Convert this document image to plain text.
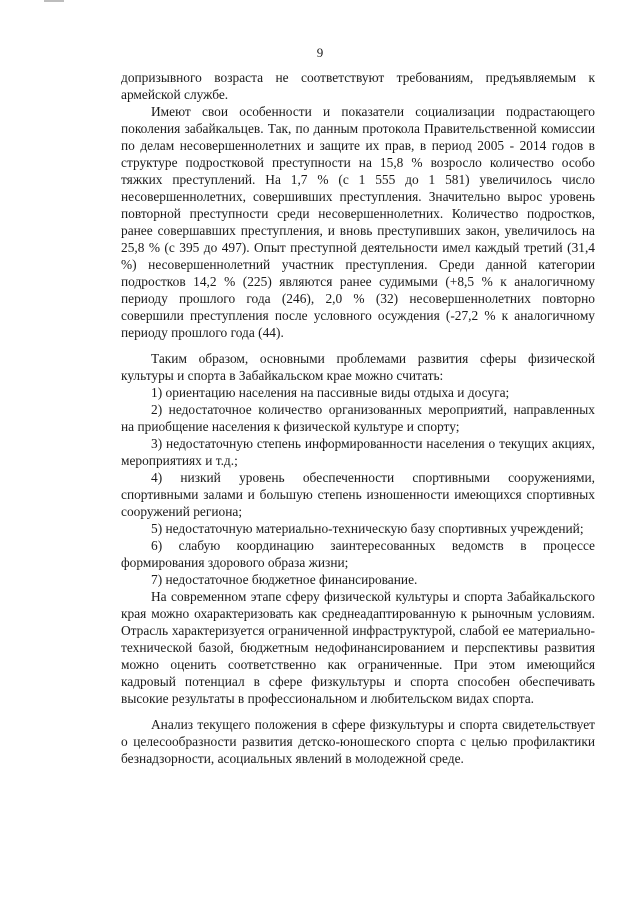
9

допризывного возраста не соответствуют требованиям, предъявляемым к армейской службе.

Имеют свои особенности и показатели социализации подрастающего поколения забайкальцев. Так, по данным протокола Правительственной комиссии по делам несовершеннолетних и защите их прав, в период 2005 - 2014 годов в структуре подростковой преступности на 15,8 % возросло количество особо тяжких преступлений. На 1,7 % (с 1 555 до 1 581) увеличилось число несовершеннолетних, совершивших преступления. Значительно вырос уровень повторной преступности среди несовершеннолетних. Количество подростков, ранее совершавших преступления, и вновь преступивших закон, увеличилось на 25,8 % (с 395 до 497). Опыт преступной деятельности имел каждый третий (31,4 %) несовершеннолетний участник преступления. Среди данной категории подростков 14,2 % (225) являются ранее судимыми (+8,5 % к аналогичному периоду прошлого года (246), 2,0 % (32) несовершеннолетних повторно совершили преступления после условного осуждения (-27,2 % к аналогичному периоду прошлого года (44).

Таким образом, основными проблемами развития сферы физической культуры и спорта в Забайкальском крае можно считать:

1) ориентацию населения на пассивные виды отдыха и досуга;

2) недостаточное количество организованных мероприятий, направленных на приобщение населения к физической культуре и спорту;

3) недостаточную степень информированности населения о текущих акциях, мероприятиях и т.д.;

4) низкий уровень обеспеченности спортивными сооружениями, спортивными залами и большую степень изношенности имеющихся спортивных сооружений региона;

5) недостаточную материально-техническую базу спортивных учреждений;

6) слабую координацию заинтересованных ведомств в процессе формирования здорового образа жизни;

7) недостаточное бюджетное финансирование.

На современном этапе сферу физической культуры и спорта Забайкальского края можно охарактеризовать как среднеадаптированную к рыночным условиям. Отрасль характеризуется ограниченной инфраструктурой, слабой ее материально-технической базой, бюджетным недофинансированием и перспективы развития можно оценить соответственно как ограниченные. При этом имеющийся кадровый потенциал в сфере физкультуры и спорта способен обеспечивать высокие результаты в профессиональном и любительском видах спорта.

Анализ текущего положения в сфере физкультуры и спорта свидетельствует о целесообразности развития детско-юношеского спорта с целью профилактики безнадзорности, асоциальных явлений в молодежной среде.
